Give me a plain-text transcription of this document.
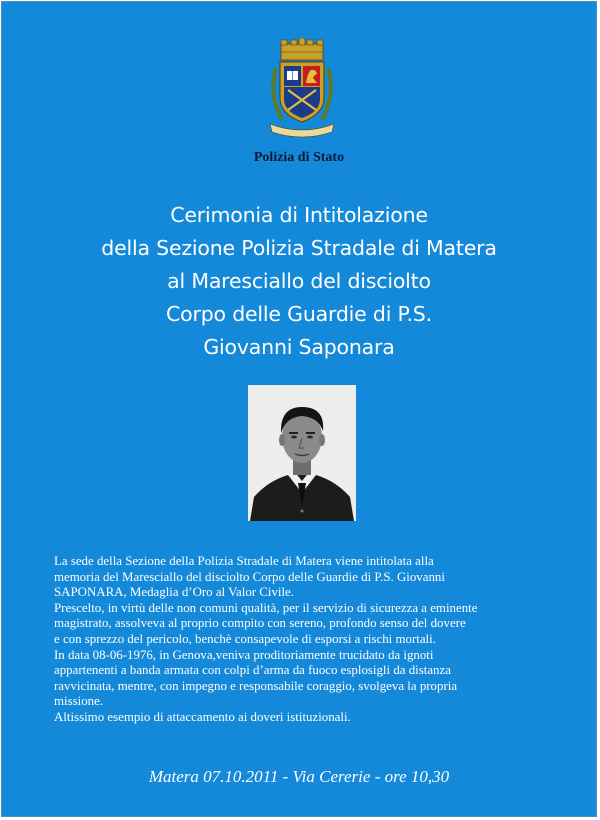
Polizia di Stato
Cerimonia di Intitolazione
della Sezione Polizia Stradale di Matera
al Maresciallo del disciolto
Corpo delle Guardie di P.S.
Giovanni Saponara
La sede della Sezione della Polizia Stradale di Matera viene intitolata alla
memoria del Maresciallo del disciolto Corpo delle Guardie di P.S. Giovanni
SAPONARA, Medaglia d’Oro al Valor Civile.
Prescelto, in virtù delle non comuni qualità, per il servizio di sicurezza a eminente
magistrato, assolveva al proprio compito con sereno, profondo senso del dovere
e con sprezzo del pericolo, benchè consapevole di esporsi a rischi mortali.
In data 08-06-1976, in Genova,veniva proditoriamente trucidato da ignoti
appartenenti a banda armata con colpi d’arma da fuoco esplosigli da distanza
ravvicinata, mentre, con impegno e responsabile coraggio, svolgeva la propria
missione.
Altissimo esempio di attaccamento ai doveri istituzionali.
Matera 07.10.2011 - Via Cererie - ore 10,30
